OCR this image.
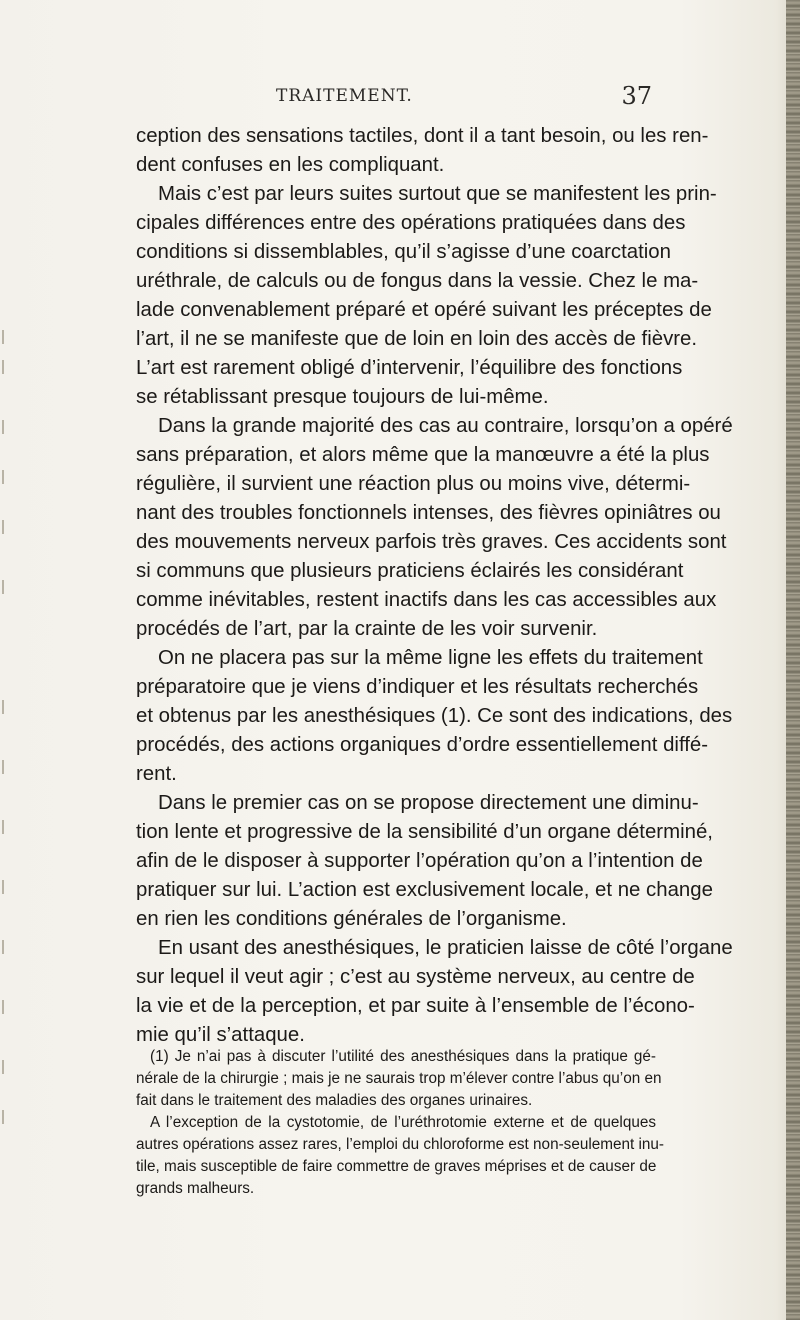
TRAITEMENT.	37
ception des sensations tactiles, dont il a tant besoin, ou les ren-
dent confuses en les compliquant.
Mais c’est par leurs suites surtout que se manifestent les prin-
cipales différences entre des opérations pratiquées dans des
conditions si dissemblables, qu’il s’agisse d’une coarctation
uréthrale, de calculs ou de fongus dans la vessie. Chez le ma-
lade convenablement préparé et opéré suivant les préceptes de
l’art, il ne se manifeste que de loin en loin des accès de fièvre.
L’art est rarement obligé d’intervenir, l’équilibre des fonctions
se rétablissant presque toujours de lui-même.
Dans la grande majorité des cas au contraire, lorsqu’on a opéré
sans préparation, et alors même que la manœuvre a été la plus
régulière, il survient une réaction plus ou moins vive, détermi-
nant des troubles fonctionnels intenses, des fièvres opiniâtres ou
des mouvements nerveux parfois très graves. Ces accidents sont
si communs que plusieurs praticiens éclairés les considérant
comme inévitables, restent inactifs dans les cas accessibles aux
procédés de l’art, par la crainte de les voir survenir.
On ne placera pas sur la même ligne les effets du traitement
préparatoire que je viens d’indiquer et les résultats recherchés
et obtenus par les anesthésiques (1). Ce sont des indications, des
procédés, des actions organiques d’ordre essentiellement diffé-
rent.
Dans le premier cas on se propose directement une diminu-
tion lente et progressive de la sensibilité d’un organe déterminé,
afin de le disposer à supporter l’opération qu’on a l’intention de
pratiquer sur lui. L’action est exclusivement locale, et ne change
en rien les conditions générales de l’organisme.
En usant des anesthésiques, le praticien laisse de côté l’organe
sur lequel il veut agir ; c’est au système nerveux, au centre de
la vie et de la perception, et par suite à l’ensemble de l’écono-
mie qu’il s’attaque.
(1) Je n’ai pas à discuter l’utilité des anesthésiques dans la pratique gé-
nérale de la chirurgie ; mais je ne saurais trop m’élever contre l’abus qu’on en
fait dans le traitement des maladies des organes urinaires.
A l’exception de la cystotomie, de l’uréthrotomie externe et de quelques
autres opérations assez rares, l’emploi du chloroforme est non-seulement inu-
tile, mais susceptible de faire commettre de graves méprises et de causer de
grands malheurs.
